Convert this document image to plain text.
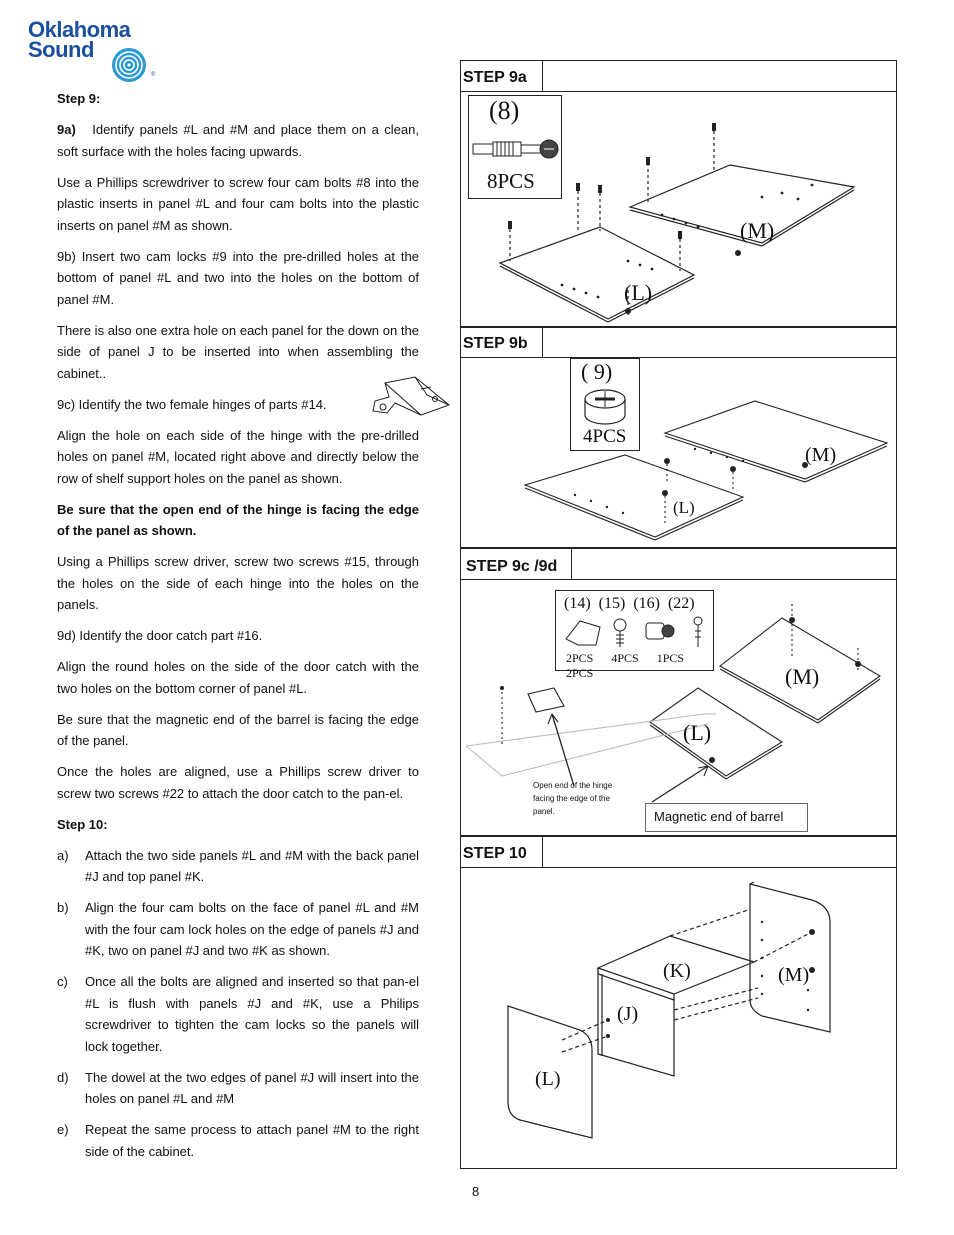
Oklahoma
Sound
®

Step 9:

9a) Identify panels #L and #M and place them on a clean, soft surface with the holes facing upwards.

Use a Phillips screwdriver to screw four cam bolts #8 into the plastic inserts in panel #L and four cam bolts into the plastic inserts on panel #M as shown.

9b) Insert two cam locks #9 into the pre-drilled holes at the bottom of panel #L and two into the holes on the bottom of panel #M.

There is also one extra hole on each panel for the down on the side of panel J to be inserted into when assembling the cabinet..

9c) Identify the two female hinges of parts #14.

Align the hole on each side of the hinge with the pre-drilled holes on panel #M, located right above and directly below the row of shelf support holes on the panel as shown.

Be sure that the open end of the hinge is facing the edge of the panel as shown.

Using a Phillips screw driver, screw two screws #15, through the holes on the side of each hinge into the holes on the panels.

9d) Identify the door catch part #16.

Align the round holes on the side of the door catch with the two holes on the bottom corner of panel #L.

Be sure that the magnetic end of the barrel is facing the edge of the panel.

Once the holes are aligned, use a Phillips screw driver to screw two screws #22 to attach the door catch to the pan-el.

Step 10:

a)	Attach the two side panels #L and #M with the back panel #J and top panel #K.
b)	Align the four cam bolts on the face of panel #L and #M with the four cam lock holes on the edge of panels #J and #K, two on panel #J and two #K as shown.
c)	Once all the bolts are aligned and inserted so that pan-el #L is flush with panels #J and #K, use a Philips screwdriver to tighten the cam locks so the panels will lock together.
d)	The dowel at the two edges of panel #J will insert into the holes on panel #L and #M
e)	Repeat the same process to attach panel #M to the right side of the cabinet.
STEP 9a
(8)
8PCS
(M)
(L)
STEP 9b
( 9)
4PCS
(M)
(L)
STEP 9c /9d
(14) (15) (16) (22)
2PCS 4PCS 1PCS     2PCS	(M)
(L)
Open end of the hinge facing the edge of the panel.	Magnetic end of barrel
STEP 10
(K)	(M)
(J)
(L)
8
